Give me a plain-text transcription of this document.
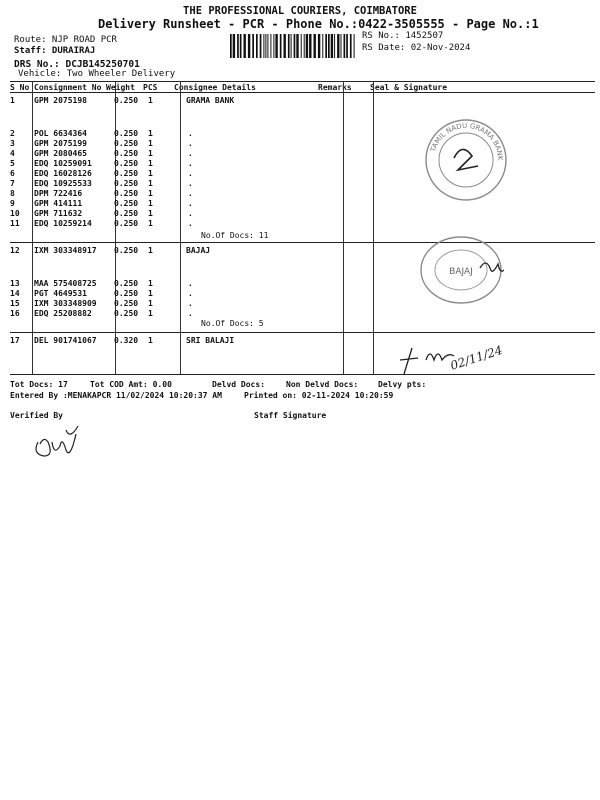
THE PROFESSIONAL COURIERS, COIMBATORE
Delivery Runsheet - PCR - Phone No.:0422-3505555 - Page No.:1
Route: NJP ROAD PCR
Staff: DURAIRAJ
DRS No.: DCJB145250701
Vehicle: Two Wheeler Delivery
RS No.: 1452507
RS Date: 02-Nov-2024
S No Consignment No Weight PCS Consignee Details	Remarks Seal & Signature
1 GPM 2075198	0.250 1	GRAMA BANK
2 POL 6634364	0.250 1	.
3 GPM 2075199	0.250 1	.
4 GPM 2080465	0.250 1	.
5 EDQ 10259091	0.250 1	.
6 EDQ 16028126	0.250 1	.
7 EDQ 10925533	0.250 1	.
8 DPM 722416	0.250 1	.
9 GPM 414111	0.250 1	.
10 GPM 711632	0.250 1	.
11 EDQ 10259214	0.250 1	.
No.Of Docs: 11
12 IXM 303348917 0.250 1	BAJAJ
13 MAA 575408725 0.250 1	.
14 PGT 4649531	0.250 1	.
15 IXM 303348909 0.250 1	.
16 EDQ 25208882	0.250 1	.
No.Of Docs: 5
17 DEL 901741067 0.320 1	SRI BALAJI
Tot Docs: 17	Tot COD Amt: 0.00	Delvd Docs:	Non Delvd Docs: Delvy pts:
Entered By :MENAKAPCR 11/02/2024 10:20:37 AM	Printed on: 02-11-2024 10:20:59
Verified By	Staff Signature
TAMIL NADU GRAMA BANK
BAJAJ
02/11/24
